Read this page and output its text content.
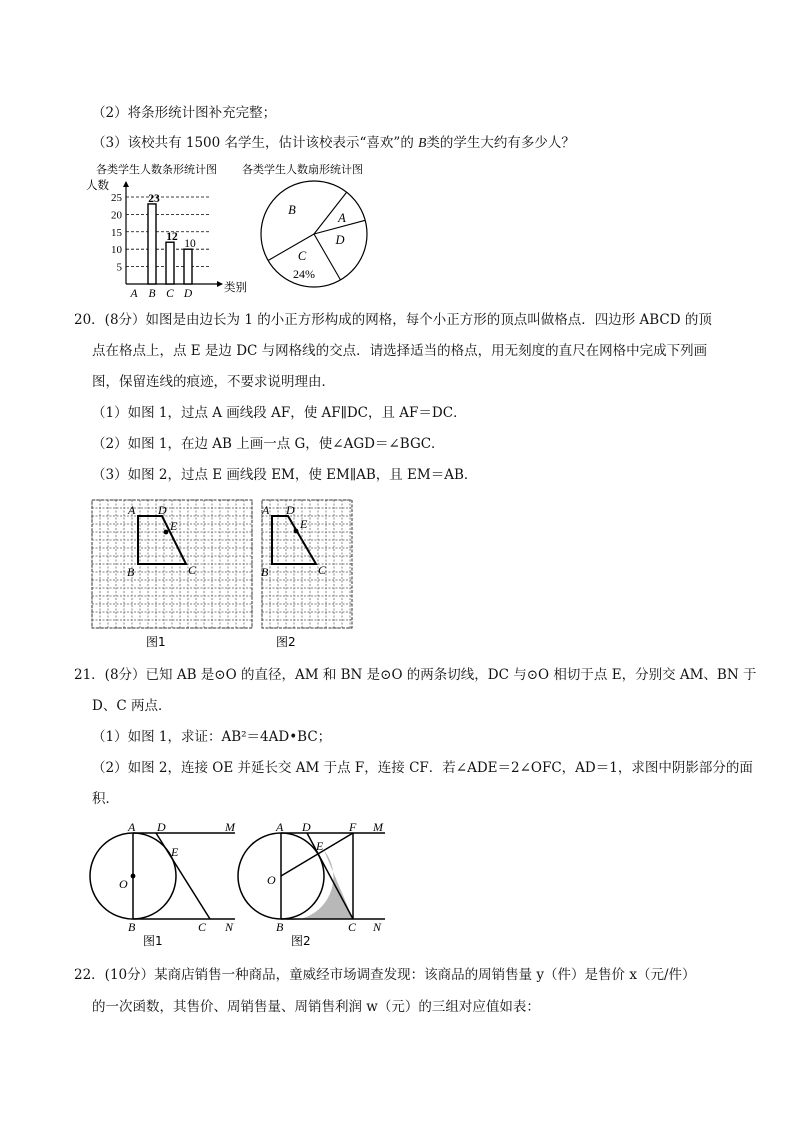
（2）将条形统计图补充完整；
（3）该校共有 1500 名学生，估计该校表示“喜欢”的 B类的学生大约有多少人？
各类学生人数条形统计图
人数
类别
5
10
15
20
25
A B
23
C
12
D
10
各类学生人数扇形统计图
B
A
D
C
24%
20．(8分）如图是由边长为 1 的小正方形构成的网格，每个小正方形的顶点叫做格点．四边形 ABCD 的顶
点在格点上，点 E 是边 DC 与网格线的交点．请选择适当的格点，用无刻度的直尺在网格中完成下列画
图，保留连线的痕迹，不要求说明理由．
（1）如图 1，过点 A 画线段 AF，使 AF∥DC，且 AF＝DC．
（2）如图 1，在边 AB 上画一点 G，使∠AGD＝∠BGC．
（3）如图 2，过点 E 画线段 EM，使 EM∥AB，且 EM＝AB．
A D
E
B	C
图1
A D
E
B	C
图2
21．(8分）已知 AB 是⊙O 的直径，AM 和 BN 是⊙O 的两条切线，DC 与⊙O 相切于点 E，分别交 AM、BN 于
D、C 两点．
（1）如图 1，求证：AB²＝4AD•BC；
（2）如图 2，连接 OE 并延长交 AM 于点 F，连接 CF．若∠ADE＝2∠OFC，AD＝1，求图中阴影部分的面
积．
A D	M
E
O
B	C N
图1
A D	F M
E
O
B	C N
图2
22．(10分）某商店销售一种商品，童威经市场调查发现：该商品的周销售量 y（件）是售价 x（元/件）
的一次函数，其售价、周销售量、周销售利润 w（元）的三组对应值如表：
